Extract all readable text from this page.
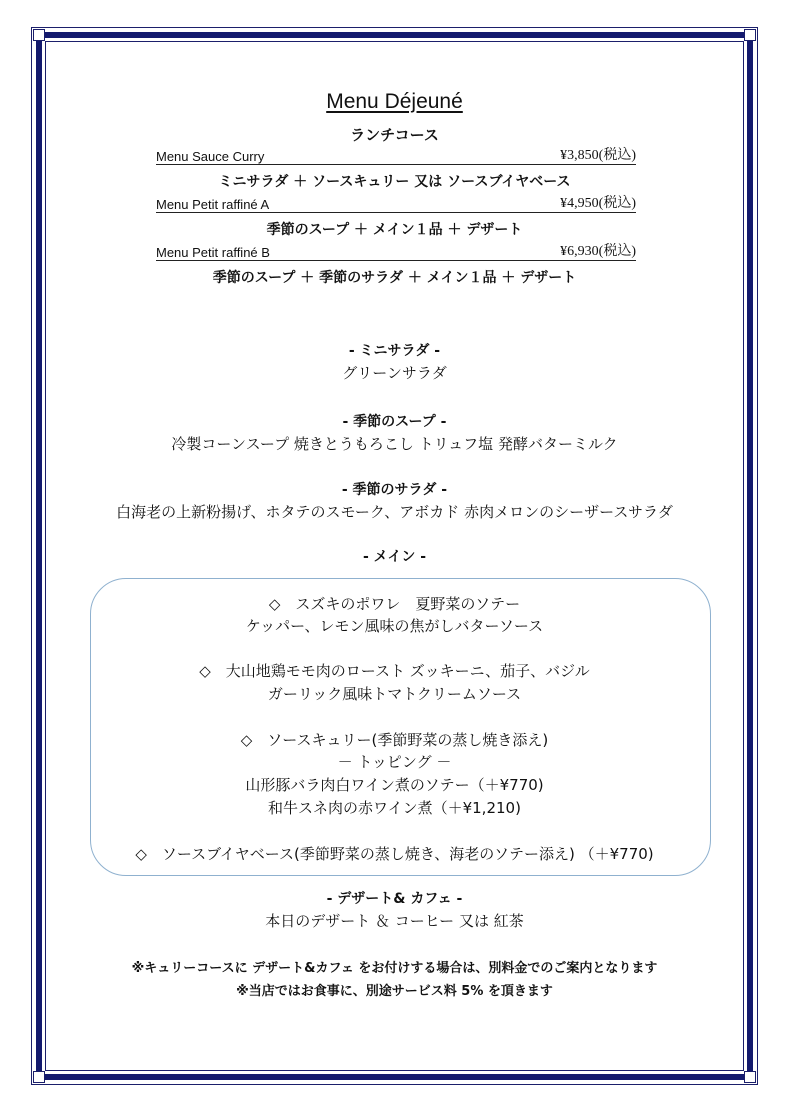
Menu Déjeuné
ランチコース
Menu Sauce Curry	¥3,850(税込)
ミニサラダ ＋ ソースキュリー 又は ソースブイヤベース
Menu Petit raffiné A	¥4,950(税込)
季節のスープ ＋ メイン１品 ＋ デザート
Menu Petit raffiné B	¥6,930(税込)
季節のスープ ＋ 季節のサラダ ＋ メイン１品 ＋ デザート
- ミニサラダ -
グリーンサラダ
- 季節のスープ -
冷製コーンスープ 焼きとうもろこし トリュフ塩 発酵バターミルク
- 季節のサラダ -
白海老の上新粉揚げ、ホタテのスモーク、アボカド 赤肉メロンのシーザースサラダ
- メイン -
◇　スズキのポワレ　夏野菜のソテー
ケッパー、レモン風味の焦がしバターソース
◇　大山地鶏モモ肉のロースト ズッキーニ、茄子、バジル
ガーリック風味トマトクリームソース
◇　ソースキュリー(季節野菜の蒸し焼き添え)
－ トッピング －
山形豚バラ肉白ワイン煮のソテー（＋¥770)
和牛スネ肉の赤ワイン煮（＋¥1,210)
◇　ソースブイヤベース(季節野菜の蒸し焼き、海老のソテー添え) （＋¥770)
- デザート& カフェ -
本日のデザート ＆ コーヒー 又は 紅茶
※キュリーコースに デザート&カフェ をお付けする場合は、別料金でのご案内となります
※当店ではお食事に、別途サービス料 5% を頂きます
